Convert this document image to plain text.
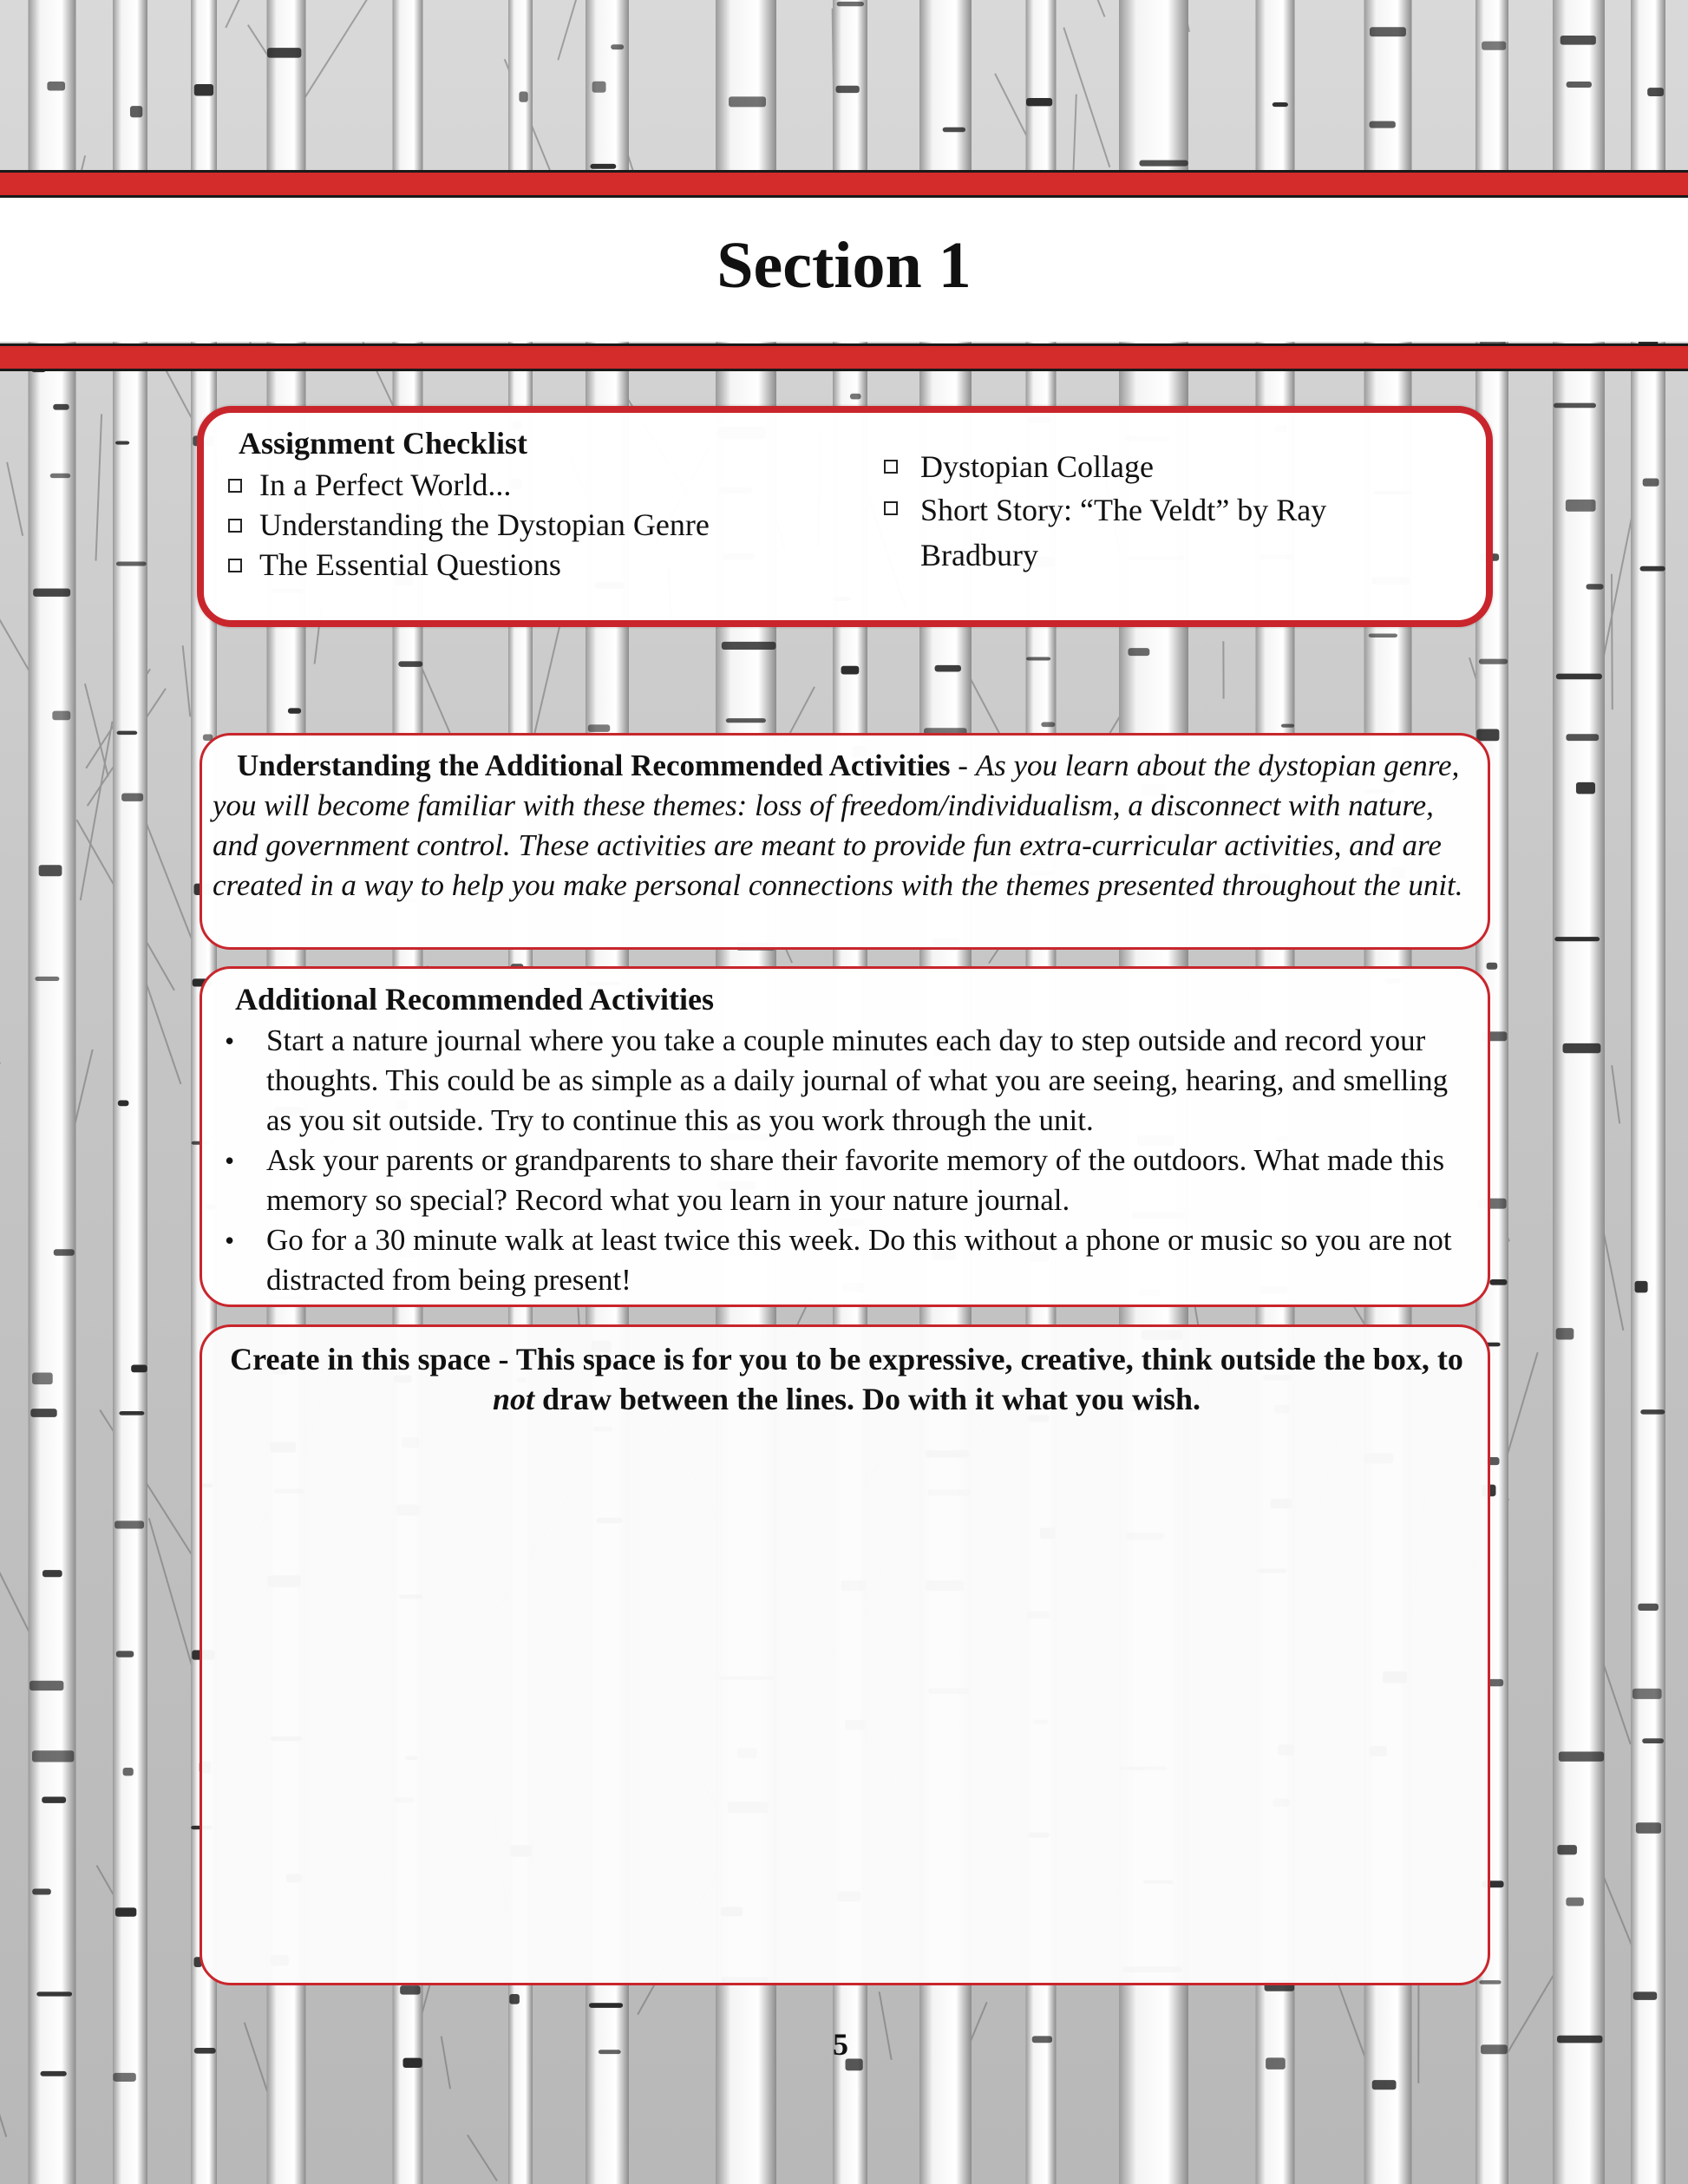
Section 1

Assignment Checklist

In a Perfect World...
Understanding the Dystopian Genre
The Essential Questions
Dystopian Collage
Short Story: “The Veldt” by Ray Bradbury

Understanding the Additional Recommended Activities - As you learn about the dystopian genre, you will become familiar with these themes: loss of freedom/individualism, a disconnect with nature, and government control. These activities are meant to provide fun extra-curricular activities, and are created in a way to help you make personal connections with the themes presented throughout the unit.

Additional Recommended Activities

•	Start a nature journal where you take a couple minutes each day to step outside and record your thoughts. This could be as simple as a daily journal of what you are seeing, hearing, and smelling as you sit outside. Try to continue this as you work through the unit.
•	Ask your parents or grandparents to share their favorite memory of the outdoors. What made this memory so special? Record what you learn in your nature journal.
•	Go for a 30 minute walk at least twice this week. Do this without a phone or music so you are not distracted from being present!

Create in this space - This space is for you to be expressive, creative, think outside the box, to not draw between the lines. Do with it what you wish.

5
